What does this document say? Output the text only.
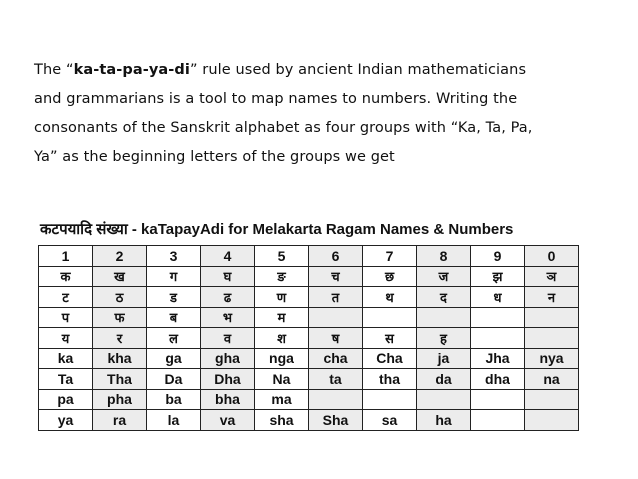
The “ka-ta-pa-ya-di” rule used by ancient Indian mathematicians

and grammarians is a tool to map names to numbers. Writing the

consonants of the Sanskrit alphabet as four groups with “Ka, Ta, Pa,

Ya” as the beginning letters of the groups we get

कटपयादि संख्या - kaTapayAdi for Melakarta Ragam Names & Numbers
1	2	3	4	5	6	7	8	9	0
क	ख	ग	घ	ङ	च	छ	ज	झ	ञ
ट	ठ	ड	ढ	ण	त	थ	द	ध	न
प	फ	ब	भ	म					
य	र	ल	व	श	ष	स	ह		
ka	kha	ga	gha	nga	cha	Cha	ja	Jha	nya
Ta	Tha	Da	Dha	Na	ta	tha	da	dha	na
pa	pha	ba	bha	ma					
ya	ra	la	va	sha	Sha	sa	ha		
